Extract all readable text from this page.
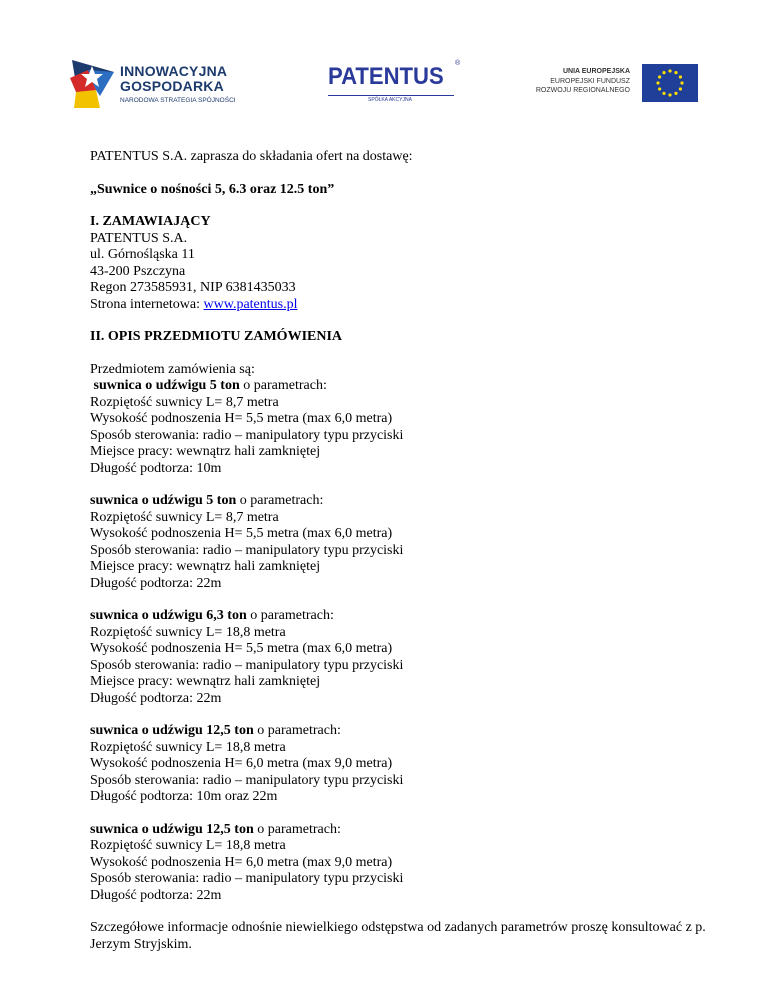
INNOWACYJNA
GOSPODARKA
NARODOWA STRATEGIA SPÓJNOŚCI
PATENTUS ®
SPÓŁKA AKCYJNA
UNIA EUROPEJSKA
EUROPEJSKI FUNDUSZ
ROZWOJU REGIONALNEGO

PATENTUS S.A. zaprasza do składania ofert na dostawę:

„Suwnice o nośności 5, 6.3 oraz 12.5 ton”

I. ZAMAWIAJĄCY

PATENTUS S.A.

ul. Górnośląska 11

43-200 Pszczyna

Regon 273585931, NIP 6381435033

Strona internetowa: www.patentus.pl

II. OPIS PRZEDMIOTU ZAMÓWIENIA

Przedmiotem zamówienia są:

suwnica o udźwigu 5 ton o parametrach:

Rozpiętość suwnicy L= 8,7 metra

Wysokość podnoszenia H= 5,5 metra (max 6,0 metra)

Sposób sterowania: radio – manipulatory typu przyciski

Miejsce pracy: wewnątrz hali zamkniętej

Długość podtorza: 10m

suwnica o udźwigu 5 ton o parametrach:

Rozpiętość suwnicy L= 8,7 metra

Wysokość podnoszenia H= 5,5 metra (max 6,0 metra)

Sposób sterowania: radio – manipulatory typu przyciski

Miejsce pracy: wewnątrz hali zamkniętej

Długość podtorza: 22m

suwnica o udźwigu 6,3 ton o parametrach:

Rozpiętość suwnicy L= 18,8 metra

Wysokość podnoszenia H= 5,5 metra (max 6,0 metra)

Sposób sterowania: radio – manipulatory typu przyciski

Miejsce pracy: wewnątrz hali zamkniętej

Długość podtorza: 22m

suwnica o udźwigu 12,5 ton o parametrach:

Rozpiętość suwnicy L= 18,8 metra

Wysokość podnoszenia H= 6,0 metra (max 9,0 metra)

Sposób sterowania: radio – manipulatory typu przyciski

Długość podtorza: 10m oraz 22m

suwnica o udźwigu 12,5 ton o parametrach:

Rozpiętość suwnicy L= 18,8 metra

Wysokość podnoszenia H= 6,0 metra (max 9,0 metra)

Sposób sterowania: radio – manipulatory typu przyciski

Długość podtorza: 22m

Szczegółowe informacje odnośnie niewielkiego odstępstwa od zadanych parametrów proszę konsultować z p. Jerzym Stryjskim.
